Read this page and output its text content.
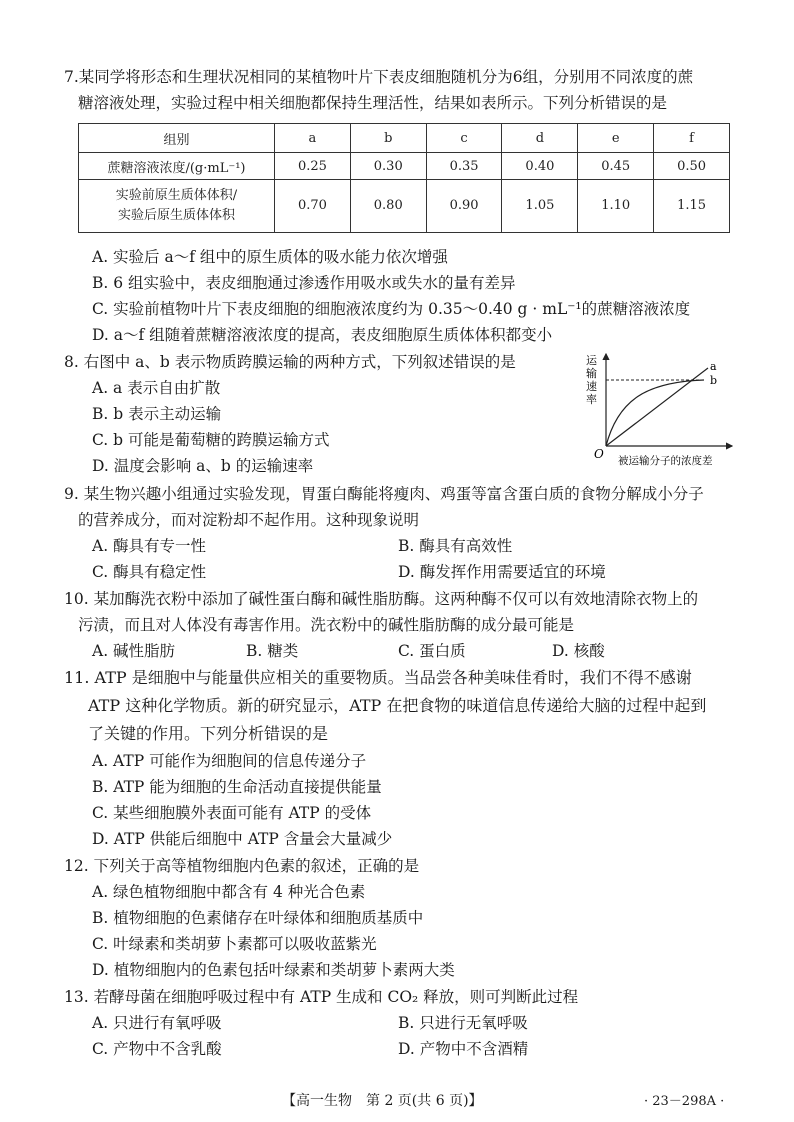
7.某同学将形态和生理状况相同的某植物叶片下表皮细胞随机分为6组，分别用不同浓度的蔗
糖溶液处理，实验过程中相关细胞都保持生理活性，结果如表所示。下列分析错误的是
组别	a	b	c	d	e	f
蔗糖溶液浓度/(g·mL⁻¹)	0.25	0.30	0.35	0.40	0.45	0.50

实验前原生质体体积/
实验后原生质体体积	0.70	0.80	0.90	1.05	1.10	1.15
A. 实验后 a～f 组中的原生质体的吸水能力依次增强
B. 6 组实验中，表皮细胞通过渗透作用吸水或失水的量有差异
C. 实验前植物叶片下表皮细胞的细胞液浓度约为 0.35～0.40 g · mL⁻¹的蔗糖溶液浓度
D. a～f 组随着蔗糖溶液浓度的提高，表皮细胞原生质体体积都变小
8. 右图中 a、b 表示物质跨膜运输的两种方式，下列叙述错误的是
A. a 表示自由扩散
B. b 表示主动运输
C. b 可能是葡萄糖的跨膜运输方式
D. 温度会影响 a、b 的运输速率
a
b
O
运
输
速
率
被运输分子的浓度差
9. 某生物兴趣小组通过实验发现，胃蛋白酶能将瘦肉、鸡蛋等富含蛋白质的食物分解成小分子
的营养成分，而对淀粉却不起作用。这种现象说明
A. 酶具有专一性	B. 酶具有高效性
C. 酶具有稳定性	D. 酶发挥作用需要适宜的环境
10. 某加酶洗衣粉中添加了碱性蛋白酶和碱性脂肪酶。这两种酶不仅可以有效地清除衣物上的
污渍，而且对人体没有毒害作用。洗衣粉中的碱性脂肪酶的成分最可能是
A. 碱性脂肪	B. 糖类	C. 蛋白质	D. 核酸
11. ATP 是细胞中与能量供应相关的重要物质。当品尝各种美味佳肴时，我们不得不感谢
ATP 这种化学物质。新的研究显示，ATP 在把食物的味道信息传递给大脑的过程中起到
了关键的作用。下列分析错误的是
A. ATP 可能作为细胞间的信息传递分子
B. ATP 能为细胞的生命活动直接提供能量
C. 某些细胞膜外表面可能有 ATP 的受体
D. ATP 供能后细胞中 ATP 含量会大量减少
12. 下列关于高等植物细胞内色素的叙述，正确的是
A. 绿色植物细胞中都含有 4 种光合色素
B. 植物细胞的色素储存在叶绿体和细胞质基质中
C. 叶绿素和类胡萝卜素都可以吸收蓝紫光
D. 植物细胞内的色素包括叶绿素和类胡萝卜素两大类
13. 若酵母菌在细胞呼吸过程中有 ATP 生成和 CO₂ 释放，则可判断此过程
A. 只进行有氧呼吸	B. 只进行无氧呼吸
C. 产物中不含乳酸	D. 产物中不含酒精
【高一生物　第 2 页(共 6 页)】	· 23－298A ·
